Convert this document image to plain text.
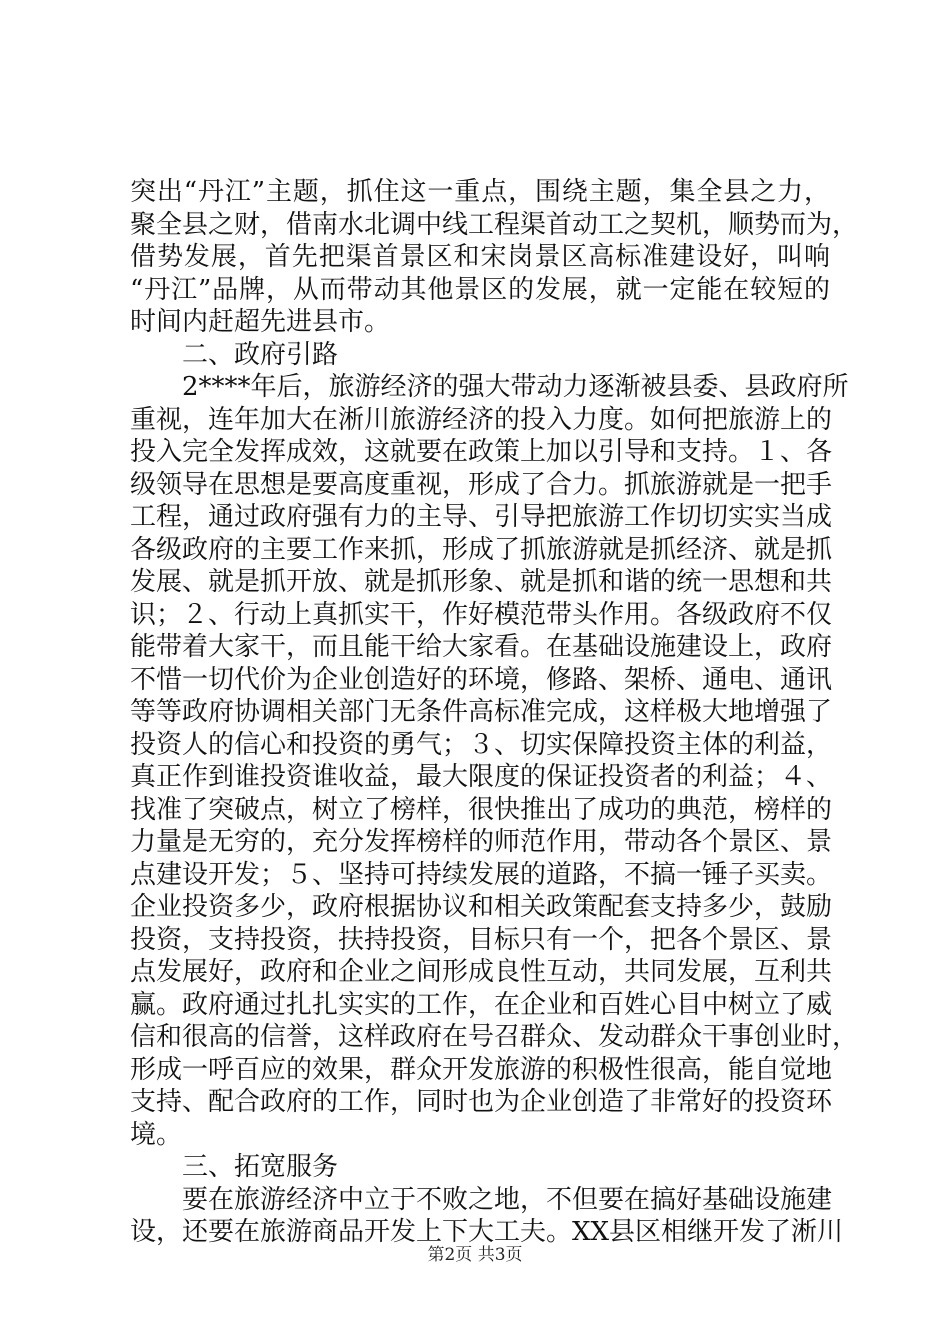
突出“丹江”主题，抓住这一重点，围绕主题，集全县之力，
聚全县之财，借南水北调中线工程渠首动工之契机，顺势而为，
借势发展，首先把渠首景区和宋岗景区高标准建设好，叫响
“丹江”品牌，从而带动其他景区的发展，就一定能在较短的
时间内赶超先进县市。
二、政府引路
2****年后，旅游经济的强大带动力逐渐被县委、县政府所
重视，连年加大在淅川旅游经济的投入力度。如何把旅游上的
投入完全发挥成效，这就要在政策上加以引导和支持。１、各
级领导在思想是要高度重视，形成了合力。抓旅游就是一把手
工程，通过政府强有力的主导、引导把旅游工作切切实实当成
各级政府的主要工作来抓，形成了抓旅游就是抓经济、就是抓
发展、就是抓开放、就是抓形象、就是抓和谐的统一思想和共
识；２、行动上真抓实干，作好模范带头作用。各级政府不仅
能带着大家干，而且能干给大家看。在基础设施建设上，政府
不惜一切代价为企业创造好的环境，修路、架桥、通电、通讯
等等政府协调相关部门无条件高标准完成，这样极大地增强了
投资人的信心和投资的勇气；３、切实保障投资主体的利益，
真正作到谁投资谁收益，最大限度的保证投资者的利益；４、
找准了突破点，树立了榜样，很快推出了成功的典范，榜样的
力量是无穷的，充分发挥榜样的师范作用，带动各个景区、景
点建设开发；５、坚持可持续发展的道路，不搞一锤子买卖。
企业投资多少，政府根据协议和相关政策配套支持多少，鼓励
投资，支持投资，扶持投资，目标只有一个，把各个景区、景
点发展好，政府和企业之间形成良性互动，共同发展，互利共
赢。政府通过扎扎实实的工作，在企业和百姓心目中树立了威
信和很高的信誉，这样政府在号召群众、发动群众干事创业时，
形成一呼百应的效果，群众开发旅游的积极性很高，能自觉地
支持、配合政府的工作，同时也为企业创造了非常好的投资环
境。
三、拓宽服务
要在旅游经济中立于不败之地，不但要在搞好基础设施建
设，还要在旅游商品开发上下大工夫。XX县区相继开发了淅川
第2页 共3页
